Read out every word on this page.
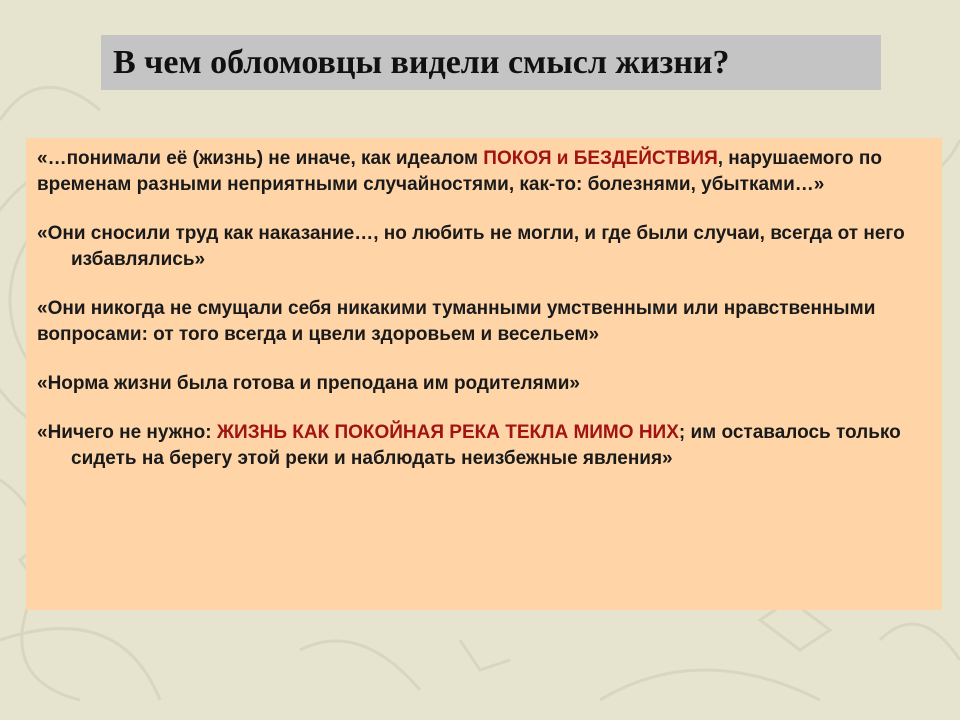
В чем обломовцы видели смысл жизни?

«…понимали её (жизнь) не иначе, как идеалом ПОКОЯ и БЕЗДЕЙСТВИЯ, нарушаемого по временам разными неприятными случайностями, как-то: болезнями, убытками…»

«Они сносили труд как наказание…, но любить не могли, и где были случаи, всегда от него избавлялись»

«Они никогда не смущали себя никакими туманными умственными или нравственными вопросами: от того всегда и цвели здоровьем и весельем»

«Норма жизни была готова и преподана им родителями»

«Ничего не нужно: ЖИЗНЬ КАК ПОКОЙНАЯ РЕКА ТЕКЛА МИМО НИХ; им оставалось только сидеть на берегу этой реки и наблюдать неизбежные явления»
